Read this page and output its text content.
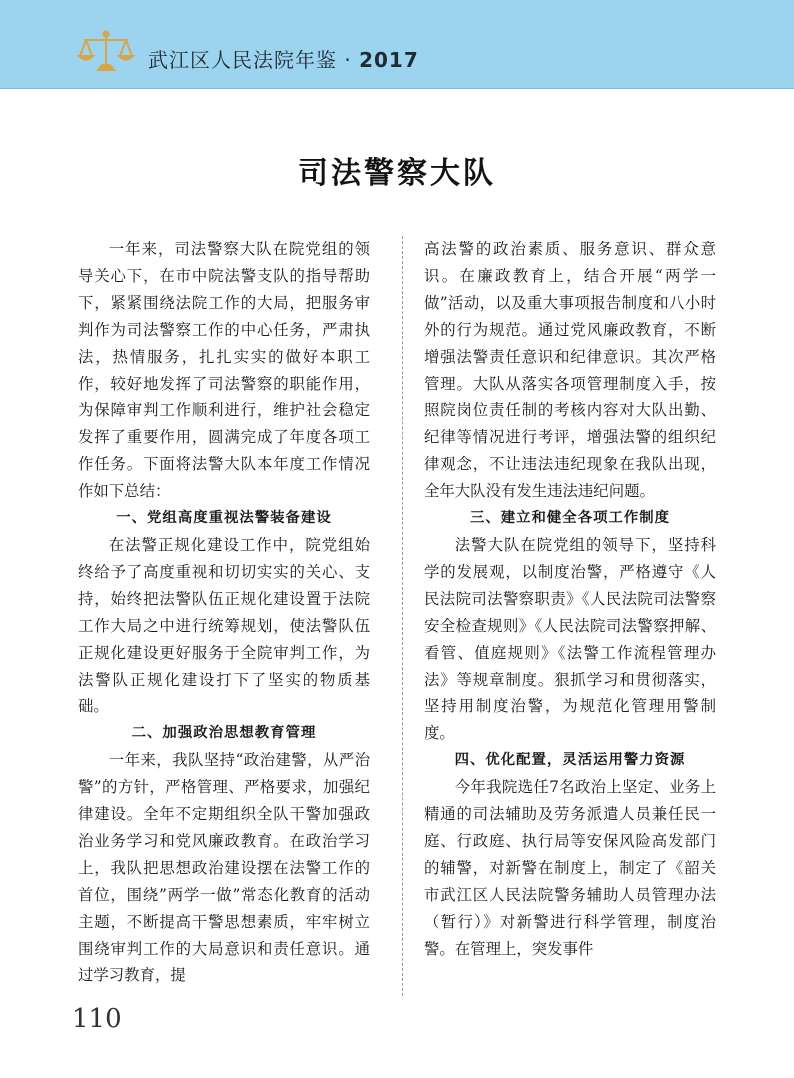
武江区人民法院年鉴 · 2017
司法警察大队

一年来，司法警察大队在院党组的领导关心下，在市中院法警支队的指导帮助下，紧紧围绕法院工作的大局，把服务审判作为司法警察工作的中心任务，严肃执法，热情服务，扎扎实实的做好本职工作，较好地发挥了司法警察的职能作用，为保障审判工作顺利进行，维护社会稳定发挥了重要作用，圆满完成了年度各项工作任务。下面将法警大队本年度工作情况作如下总结：

一、党组高度重视法警装备建设

在法警正规化建设工作中，院党组始终给予了高度重视和切切实实的关心、支持，始终把法警队伍正规化建设置于法院工作大局之中进行统筹规划，使法警队伍正规化建设更好服务于全院审判工作，为法警队正规化建设打下了坚实的物质基础。

二、加强政治思想教育管理

一年来，我队坚持“政治建警，从严治警”的方针，严格管理、严格要求，加强纪律建设。全年不定期组织全队干警加强政治业务学习和党风廉政教育。在政治学习上，我队把思想政治建设摆在法警工作的首位，围绕”两学一做”常态化教育的活动主题，不断提高干警思想素质，牢牢树立围绕审判工作的大局意识和责任意识。通过学习教育，提

高法警的政治素质、服务意识、群众意识。在廉政教育上，结合开展“两学一做”活动，以及重大事项报告制度和八小时外的行为规范。通过党风廉政教育，不断增强法警责任意识和纪律意识。其次严格管理。大队从落实各项管理制度入手，按照院岗位责任制的考核内容对大队出勤、纪律等情况进行考评，增强法警的组织纪律观念，不让违法违纪现象在我队出现，全年大队没有发生违法违纪问题。

三、建立和健全各项工作制度

法警大队在院党组的领导下，坚持科学的发展观，以制度治警，严格遵守《人民法院司法警察职责》《人民法院司法警察安全检查规则》《人民法院司法警察押解、看管、值庭规则》《法警工作流程管理办法》等规章制度。狠抓学习和贯彻落实，坚持用制度治警，为规范化管理用警制度。

四、优化配置，灵活运用警力资源

今年我院选任7名政治上坚定、业务上精通的司法辅助及劳务派遣人员兼任民一庭、行政庭、执行局等安保风险高发部门的辅警，对新警在制度上，制定了《韶关市武江区人民法院警务辅助人员管理办法（暂行）》对新警进行科学管理，制度治警。在管理上，突发事件

110
